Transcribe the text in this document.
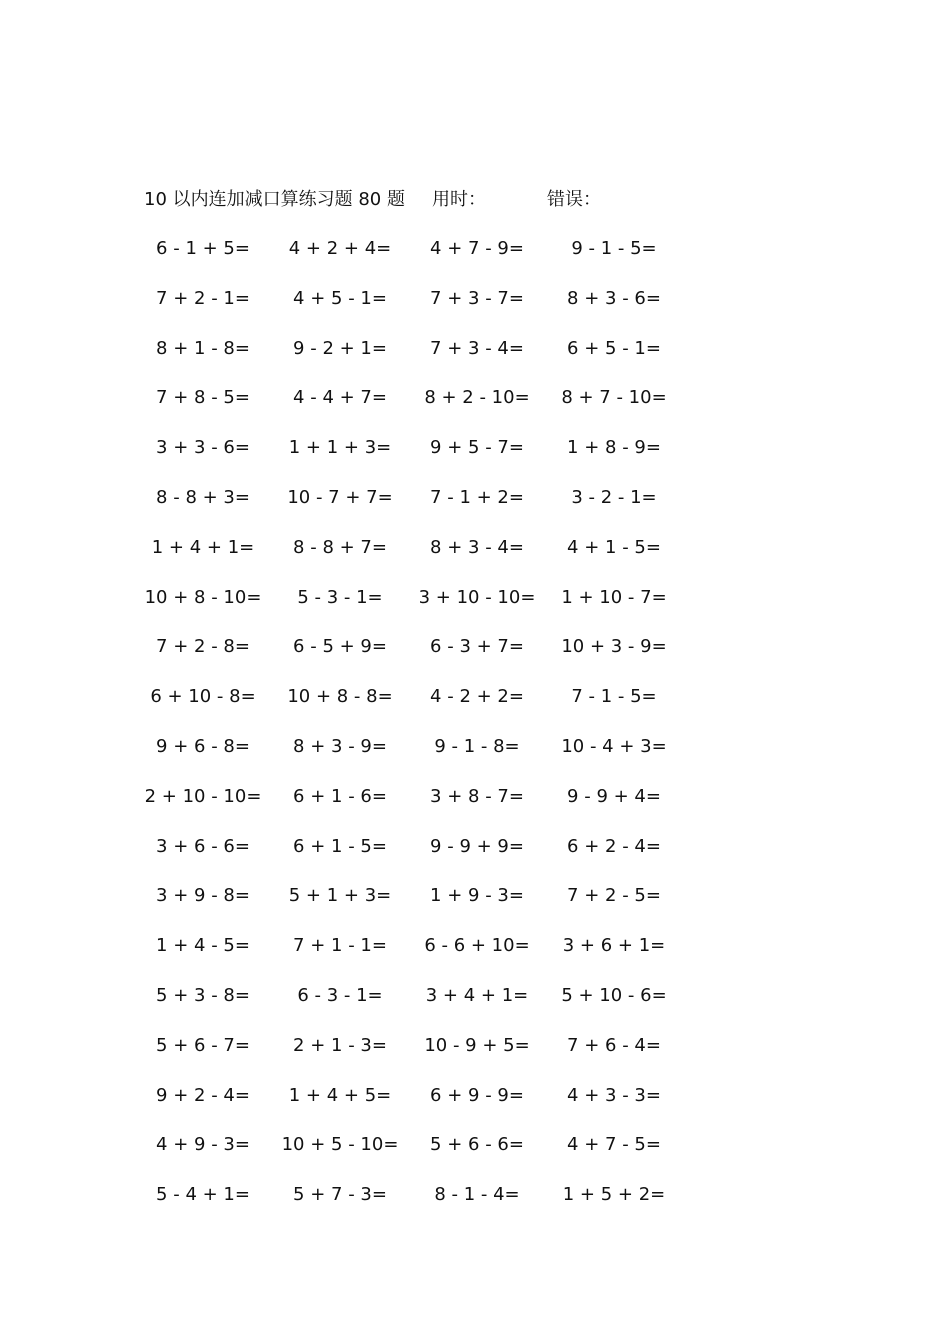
10 以内连加减口算练习题 80 题 用时：	错误：
6 - 1 + 5=	4 + 2 + 4=	4 + 7 - 9=	9 - 1 - 5=
7 + 2 - 1=	4 + 5 - 1=	7 + 3 - 7=	8 + 3 - 6=
8 + 1 - 8=	9 - 2 + 1=	7 + 3 - 4=	6 + 5 - 1=
7 + 8 - 5=	4 - 4 + 7=	8 + 2 - 10=	8 + 7 - 10=
3 + 3 - 6=	1 + 1 + 3=	9 + 5 - 7=	1 + 8 - 9=
8 - 8 + 3=	10 - 7 + 7=	7 - 1 + 2=	3 - 2 - 1=
1 + 4 + 1=	8 - 8 + 7=	8 + 3 - 4=	4 + 1 - 5=
10 + 8 - 10=	5 - 3 - 1=	3 + 10 - 10=	1 + 10 - 7=
7 + 2 - 8=	6 - 5 + 9=	6 - 3 + 7=	10 + 3 - 9=
6 + 10 - 8=	10 + 8 - 8=	4 - 2 + 2=	7 - 1 - 5=
9 + 6 - 8=	8 + 3 - 9=	9 - 1 - 8=	10 - 4 + 3=
2 + 10 - 10=	6 + 1 - 6=	3 + 8 - 7=	9 - 9 + 4=
3 + 6 - 6=	6 + 1 - 5=	9 - 9 + 9=	6 + 2 - 4=
3 + 9 - 8=	5 + 1 + 3=	1 + 9 - 3=	7 + 2 - 5=
1 + 4 - 5=	7 + 1 - 1=	6 - 6 + 10=	3 + 6 + 1=
5 + 3 - 8=	6 - 3 - 1=	3 + 4 + 1=	5 + 10 - 6=
5 + 6 - 7=	2 + 1 - 3=	10 - 9 + 5=	7 + 6 - 4=
9 + 2 - 4=	1 + 4 + 5=	6 + 9 - 9=	4 + 3 - 3=
4 + 9 - 3=	10 + 5 - 10=	5 + 6 - 6=	4 + 7 - 5=
5 - 4 + 1=	5 + 7 - 3=	8 - 1 - 4=	1 + 5 + 2=
